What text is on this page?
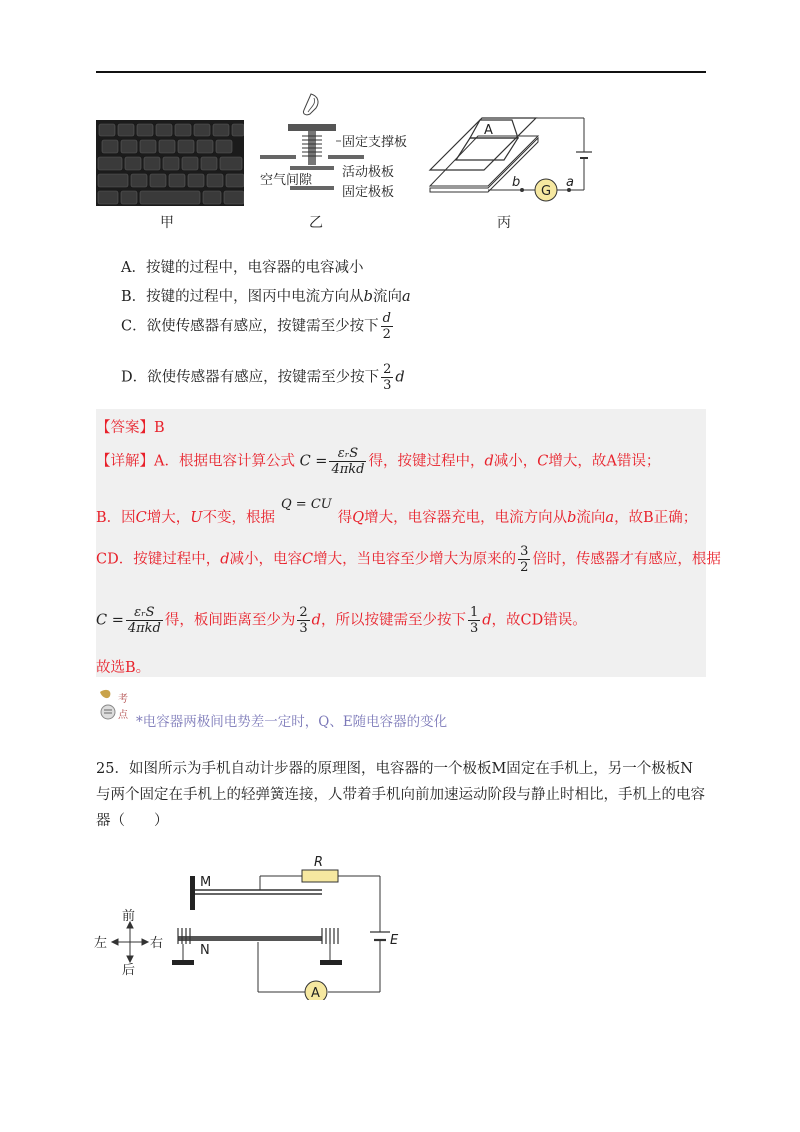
甲
固定支撑板
活动极板
空气间隙
固定极板
乙
A
G
b	a
丙
A．按键的过程中，电容器的电容减小
B．按键的过程中，图丙中电流方向从b流向a
C．欲使传感器有感应，按键需至少按下 $\frac{d}{2}$
D．欲使传感器有感应，按键需至少按下 $\frac{2}{3}$ d
【答案】B
【详解】A．根据电容计算公式 $C = \frac{\text{εᵣS}}{\text{4πkd}}$ 得，按键过程中，d减小，C增大，故A错误；
B．因C增大，U不变，根据Q = CU得Q增大，电容器充电，电流方向从b流向a，故B正确；
CD．按键过程中，d减小，电容C增大，当电容至少增大为原来的 $\frac{3}{2}$ 倍时，传感器才有感应，根据
$C = \frac{\text{εᵣS}}{\text{4πkd}}$ 得，板间距离至少为 $\frac{2}{3}$ d，所以按键需至少按下 $\frac{1}{3}$ d，故CD错误。
故选B。
考
点 *电容器两极间电势差一定时，Q、E随电容器的变化
25．如图所示为手机自动计步器的原理图，电容器的一个极板M固定在手机上，另一个极板N与两个固定在手机上的轻弹簧连接，人带着手机向前加速运动阶段与静止时相比，手机上的电容器（　　）
M
R
E
A
N
前
后
左	右
